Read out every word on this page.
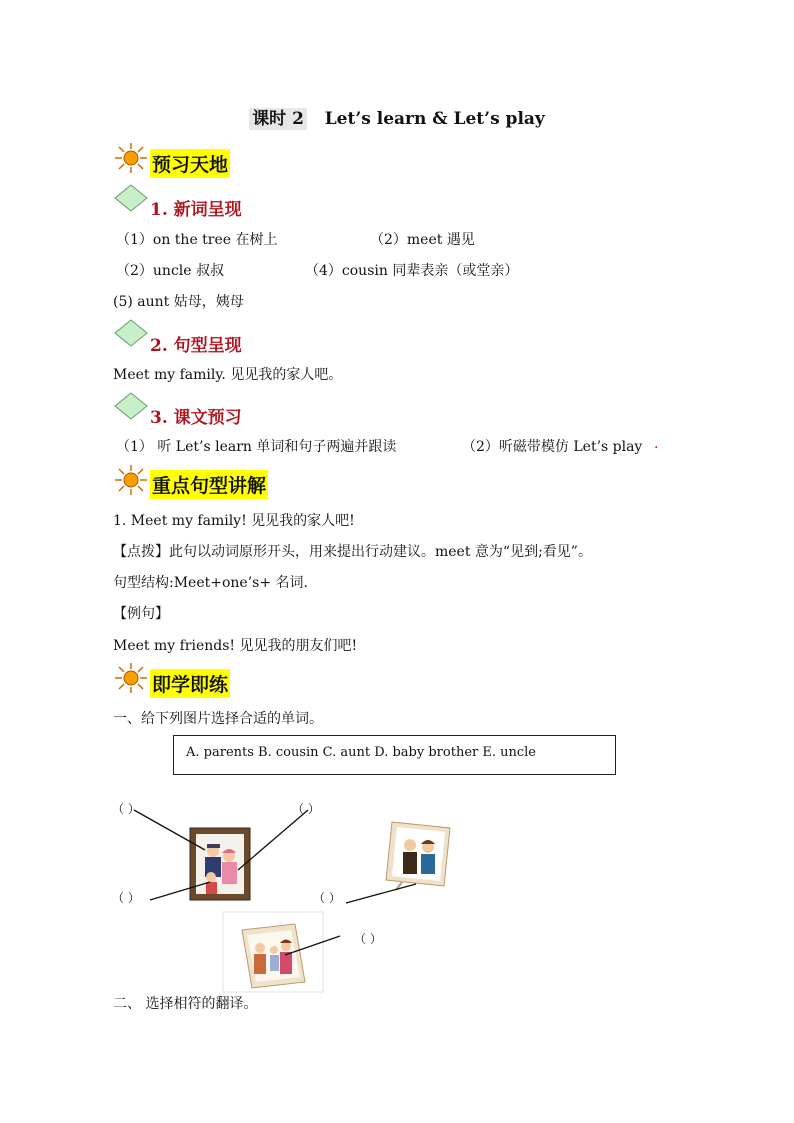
课时 2 Let’s learn & Let’s play
预习天地
1. 新词呈现
（1）on the tree 在树上	（2）meet 遇见
（2）uncle 叔叔	（4）cousin 同辈表亲（或堂亲）
(5) aunt 姑母，姨母
2. 句型呈现
Meet my family. 见见我的家人吧。
3. 课文预习
（1） 听 Let’s learn 单词和句子两遍并跟读	（2）听磁带模仿 Let’s play .
重点句型讲解
1. Meet my family! 见见我的家人吧!
【点拨】此句以动词原形开头，用来提出行动建议。meet 意为“见到;看见”。
句型结构:Meet+one’s+ 名词.
【例句】
Meet my friends! 见见我的朋友们吧!
即学即练
一、给下列图片选择合适的单词。
A. parents B. cousin C. aunt D. baby brother E. uncle
（ ）	（ ）
（ ）	（ ）
（ ）
二、 选择相符的翻译。
